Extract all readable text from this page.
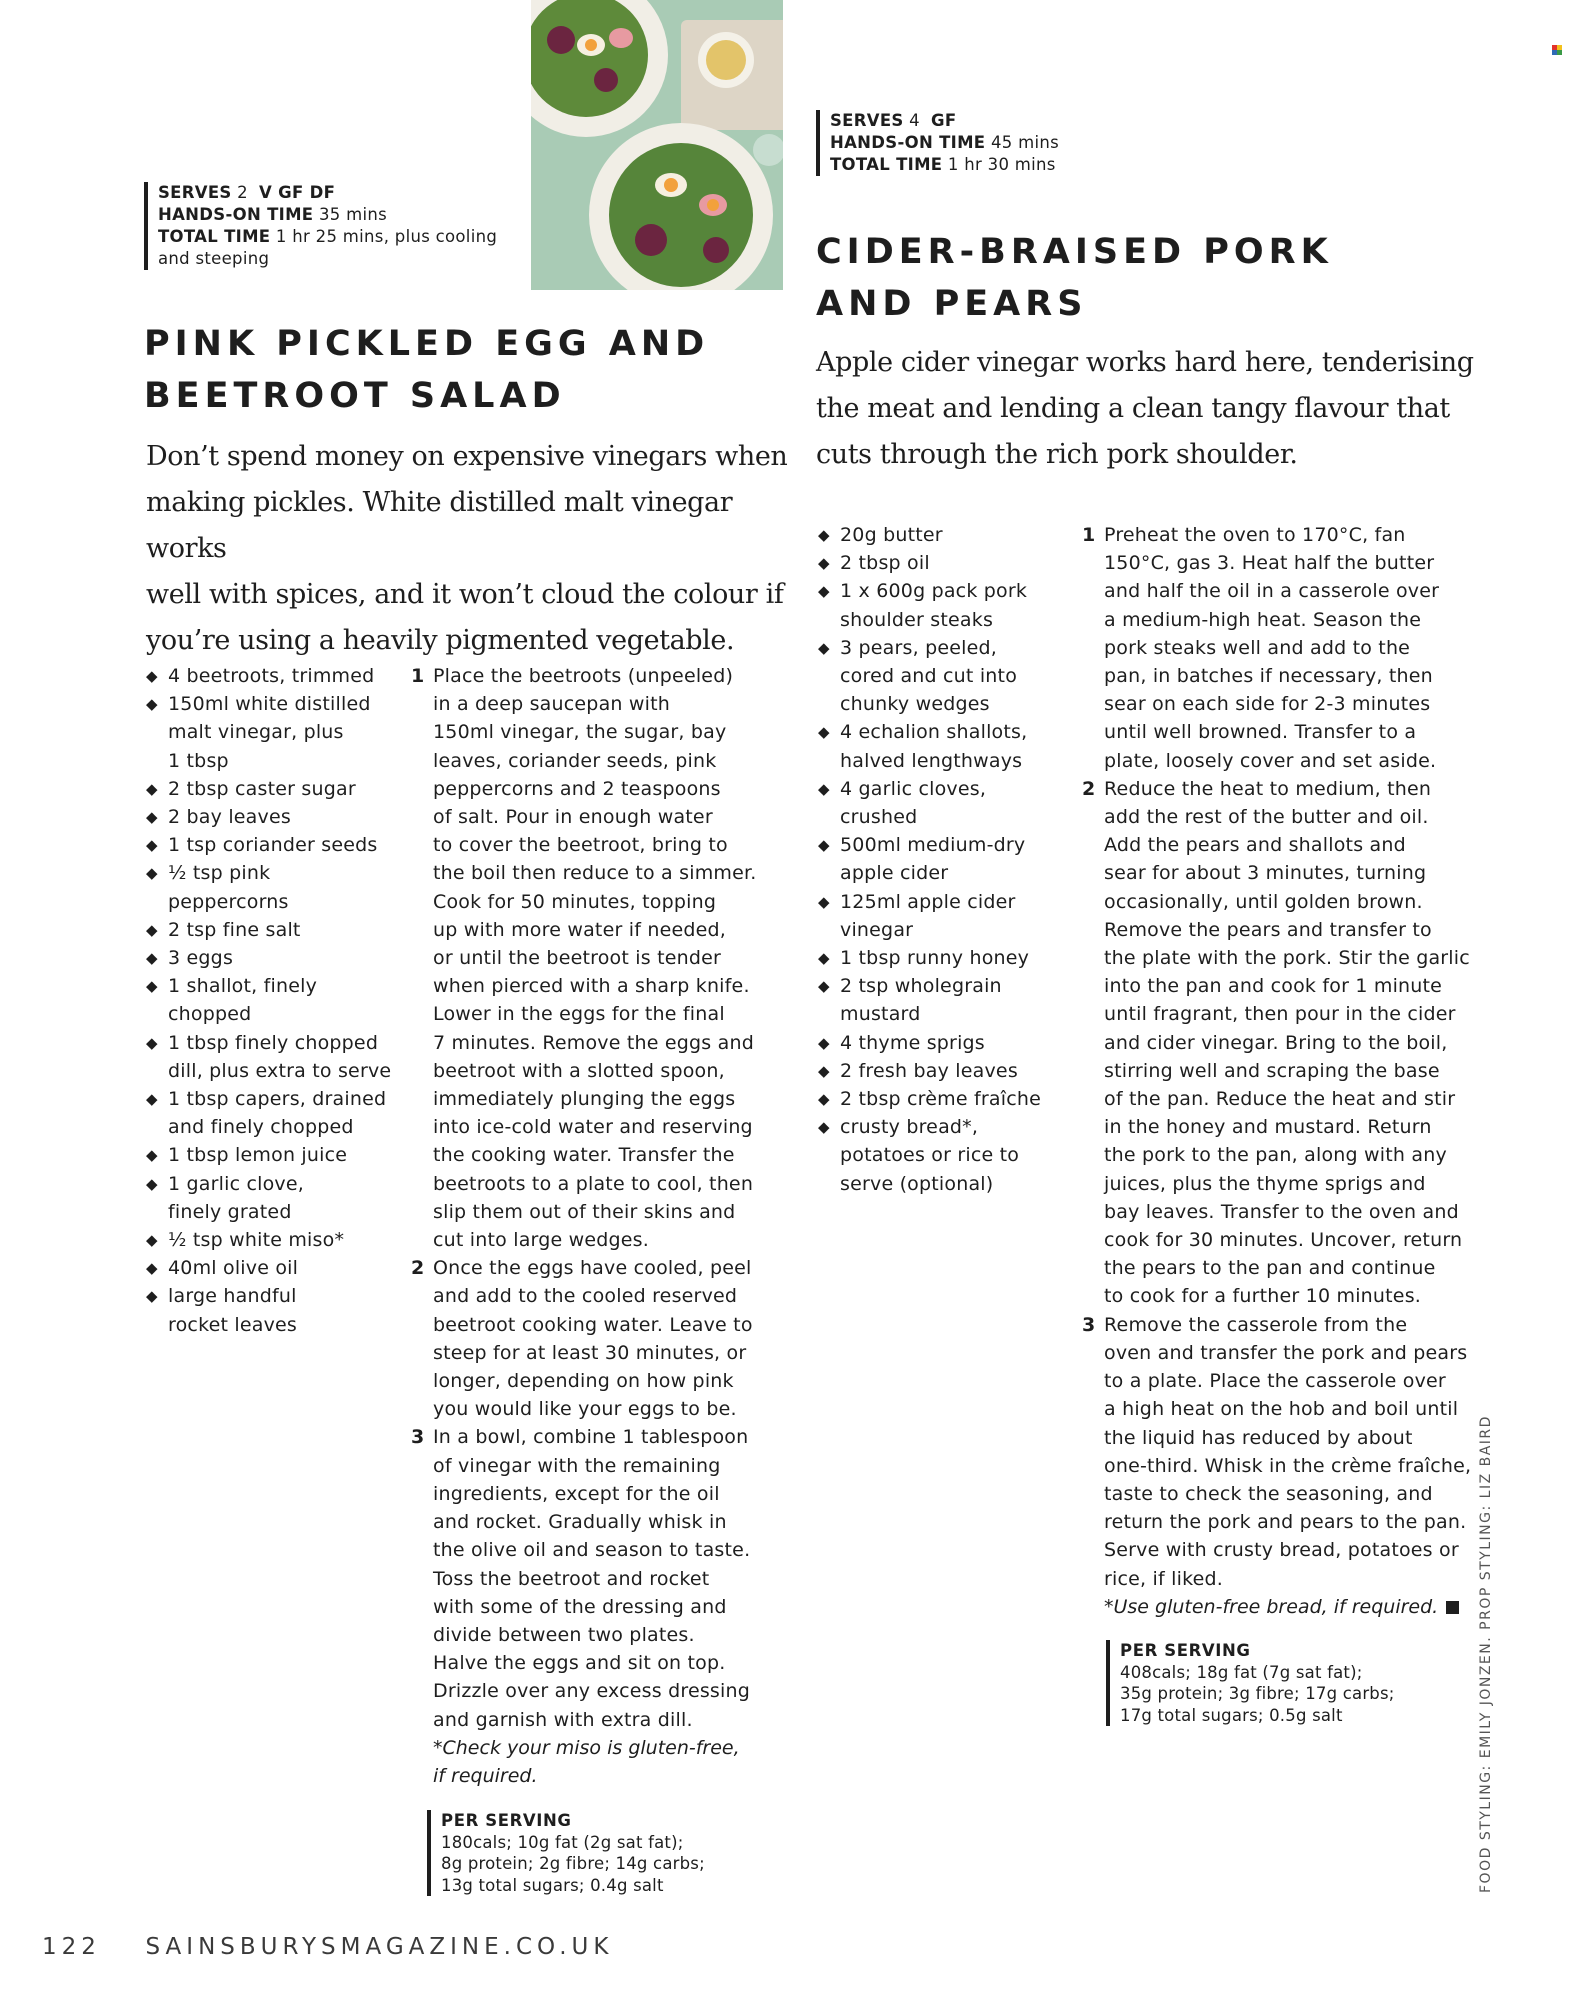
SERVES 2 V GF DF
HANDS-ON TIME 35 mins
TOTAL TIME 1 hr 25 mins, plus cooling
and steeping
PINK PICKLED EGG AND
BEETROOT SALAD
Don’t spend money on expensive vinegars when
making pickles. White distilled malt vinegar works
well with spices, and it won’t cloud the colour if
you’re using a heavily pigmented vegetable.
◆ 4 beetroots, trimmed
◆ 150ml white distilled
malt vinegar, plus
1 tbsp
◆ 2 tbsp caster sugar
◆ 2 bay leaves
◆ 1 tsp coriander seeds
◆ ½ tsp pink
peppercorns
◆ 2 tsp fine salt
◆ 3 eggs
◆ 1 shallot, finely
chopped
◆ 1 tbsp finely chopped
dill, plus extra to serve
◆ 1 tbsp capers, drained
and finely chopped
◆ 1 tbsp lemon juice
◆ 1 garlic clove,
finely grated
◆ ½ tsp white miso*
◆ 40ml olive oil
◆ large handful
rocket leaves
1 Place the beetroots (unpeeled)
in a deep saucepan with
150ml vinegar, the sugar, bay
leaves, coriander seeds, pink
peppercorns and 2 teaspoons
of salt. Pour in enough water
to cover the beetroot, bring to
the boil then reduce to a simmer.
Cook for 50 minutes, topping
up with more water if needed,
or until the beetroot is tender
when pierced with a sharp knife.
Lower in the eggs for the final
7 minutes. Remove the eggs and
beetroot with a slotted spoon,
immediately plunging the eggs
into ice-cold water and reserving
the cooking water. Transfer the
beetroots to a plate to cool, then
slip them out of their skins and
cut into large wedges.
2 Once the eggs have cooled, peel
and add to the cooled reserved
beetroot cooking water. Leave to
steep for at least 30 minutes, or
longer, depending on how pink
you would like your eggs to be.
3 In a bowl, combine 1 tablespoon
of vinegar with the remaining
ingredients, except for the oil
and rocket. Gradually whisk in
the olive oil and season to taste.
Toss the beetroot and rocket
with some of the dressing and
divide between two plates.
Halve the eggs and sit on top.
Drizzle over any excess dressing
and garnish with extra dill.
*Check your miso is gluten-free,
if required.
PER SERVING
180cals; 10g fat (2g sat fat);
8g protein; 2g fibre; 14g carbs;
13g total sugars; 0.4g salt
SERVES 4 GF
HANDS-ON TIME 45 mins
TOTAL TIME 1 hr 30 mins
CIDER-BRAISED PORK
AND PEARS
Apple cider vinegar works hard here, tenderising
the meat and lending a clean tangy flavour that
cuts through the rich pork shoulder.
◆ 20g butter
◆ 2 tbsp oil
◆ 1 x 600g pack pork
shoulder steaks
◆ 3 pears, peeled,
cored and cut into
chunky wedges
◆ 4 echalion shallots,
halved lengthways
◆ 4 garlic cloves,
crushed
◆ 500ml medium-dry
apple cider
◆ 125ml apple cider
vinegar
◆ 1 tbsp runny honey
◆ 2 tsp wholegrain
mustard
◆ 4 thyme sprigs
◆ 2 fresh bay leaves
◆ 2 tbsp crème fraîche
◆ crusty bread*,
potatoes or rice to
serve (optional)
1 Preheat the oven to 170°C, fan
150°C, gas 3. Heat half the butter
and half the oil in a casserole over
a medium-high heat. Season the
pork steaks well and add to the
pan, in batches if necessary, then
sear on each side for 2-3 minutes
until well browned. Transfer to a
plate, loosely cover and set aside.
2 Reduce the heat to medium, then
add the rest of the butter and oil.
Add the pears and shallots and
sear for about 3 minutes, turning
occasionally, until golden brown.
Remove the pears and transfer to
the plate with the pork. Stir the garlic
into the pan and cook for 1 minute
until fragrant, then pour in the cider
and cider vinegar. Bring to the boil,
stirring well and scraping the base
of the pan. Reduce the heat and stir
in the honey and mustard. Return
the pork to the pan, along with any
juices, plus the thyme sprigs and
bay leaves. Transfer to the oven and
cook for 30 minutes. Uncover, return
the pears to the pan and continue
to cook for a further 10 minutes.
3 Remove the casserole from the
oven and transfer the pork and pears
to a plate. Place the casserole over
a high heat on the hob and boil until
the liquid has reduced by about
one-third. Whisk in the crème fraîche,
taste to check the seasoning, and
return the pork and pears to the pan.
Serve with crusty bread, potatoes or
rice, if liked.
*Use gluten-free bread, if required.
PER SERVING
408cals; 18g fat (7g sat fat);
35g protein; 3g fibre; 17g carbs;
17g total sugars; 0.5g salt	FOOD STYLING: EMILY JONZEN. PROP STYLING: LIZ BAIRD
122 SAINSBURYSMAGAZINE.CO.UK
